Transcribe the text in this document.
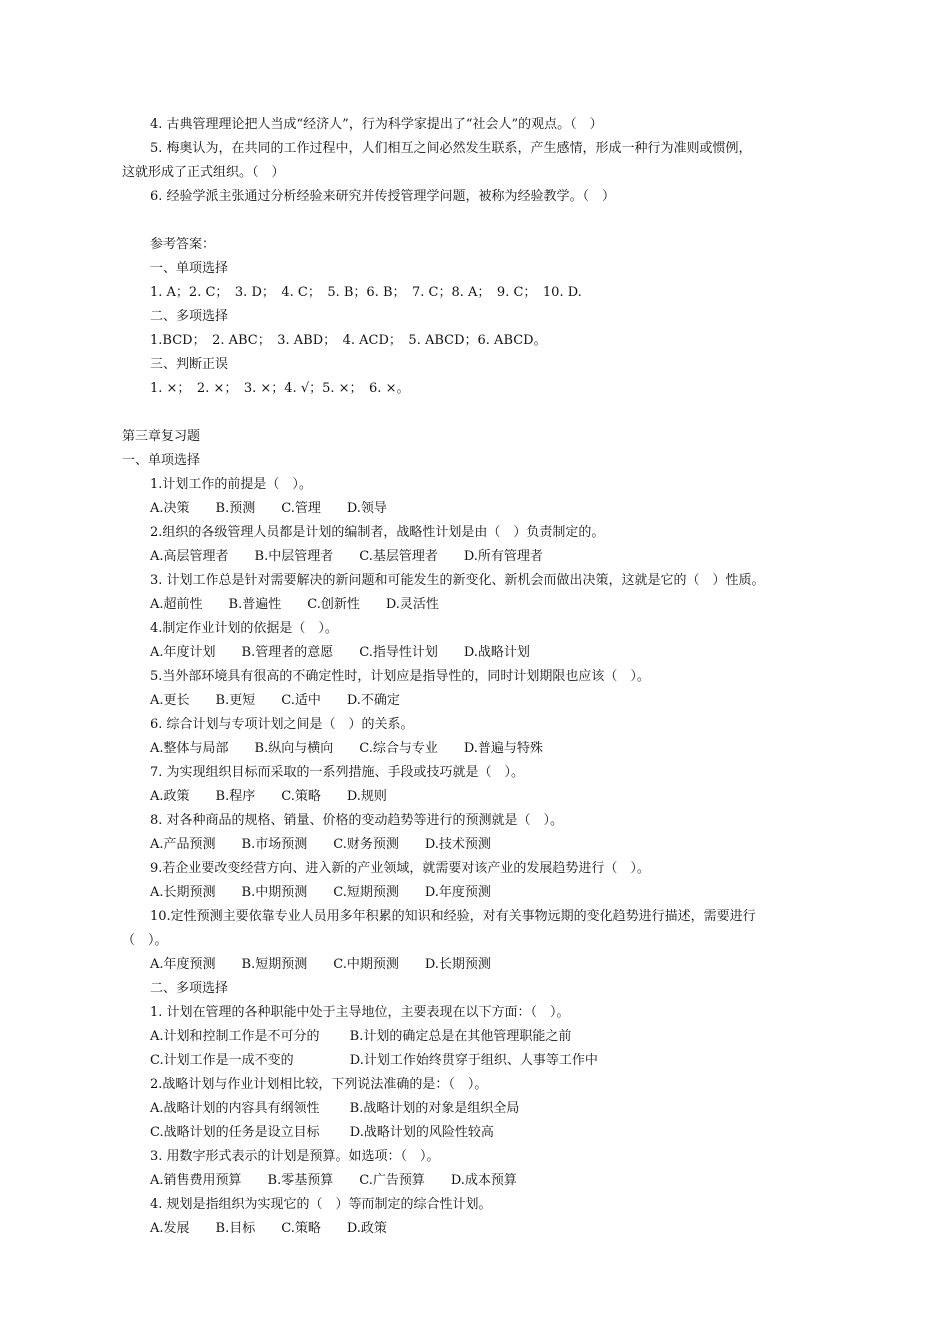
4. 古典管理理论把人当成“经济人”，行为科学家提出了“社会人”的观点。（　）
5. 梅奥认为，在共同的工作过程中，人们相互之间必然发生联系，产生感情，形成一种行为准则或惯例，
这就形成了正式组织。（　）
6. 经验学派主张通过分析经验来研究并传授管理学问题，被称为经验教学。（　）
参考答案：
一、单项选择
1. A；2. C；　3. D；　4. C；　5. B；6. B；　7. C；8. A；　9. C；　10. D.
二、多项选择
1.BCD；　2. ABC；　3. ABD；　4. ACD；　5. ABCD；6. ABCD。
三、判断正误
1. ×；　2. ×；　3. ×；4. √；5. ×；　6. ×。
第三章复习题
一、单项选择
1.计划工作的前提是（　）。
A.决策　　B.预测　　C.管理　　D.领导
2.组织的各级管理人员都是计划的编制者，战略性计划是由（　）负责制定的。
A.高层管理者　　B.中层管理者　　C.基层管理者　　D.所有管理者
3. 计划工作总是针对需要解决的新问题和可能发生的新变化、新机会而做出决策，这就是它的（　）性质。
A.超前性　　B.普遍性　　C.创新性　　D.灵活性
4.制定作业计划的依据是（　）。
A.年度计划　　B.管理者的意愿　　C.指导性计划　　D.战略计划
5.当外部环境具有很高的不确定性时，计划应是指导性的，同时计划期限也应该（　）。
A.更长　　B.更短　　C.适中　　D.不确定
6. 综合计划与专项计划之间是（　）的关系。
A.整体与局部　　B.纵向与横向　　C.综合与专业　　D.普遍与特殊
7. 为实现组织目标而采取的一系列措施、手段或技巧就是（　）。
A.政策　　B.程序　　C.策略　　D.规则
8. 对各种商品的规格、销量、价格的变动趋势等进行的预测就是（　）。
A.产品预测　　B.市场预测　　C.财务预测　　D.技术预测
9.若企业要改变经营方向、进入新的产业领域，就需要对该产业的发展趋势进行（　）。
A.长期预测　　B.中期预测　　C.短期预测　　D.年度预测
10.定性预测主要依靠专业人员用多年积累的知识和经验，对有关事物远期的变化趋势进行描述，需要进行
（　）。
A.年度预测　　B.短期预测　　C.中期预测　　D.长期预测
二、多项选择
1. 计划在管理的各种职能中处于主导地位，主要表现在以下方面：（　）。
A.计划和控制工作是不可分的　　 B.计划的确定总是在其他管理职能之前
C.计划工作是一成不变的　　　　 D.计划工作始终贯穿于组织、人事等工作中
2.战略计划与作业计划相比较，下列说法准确的是：（　）。
A.战略计划的内容具有纲领性　　 B.战略计划的对象是组织全局
C.战略计划的任务是设立目标　　 D.战略计划的风险性较高
3. 用数字形式表示的计划是预算。如选项：（　）。
A.销售费用预算　　B.零基预算　　C.广告预算　　D.成本预算
4. 规划是指组织为实现它的（　）等而制定的综合性计划。
A.发展　　B.目标　　C.策略　　D.政策
